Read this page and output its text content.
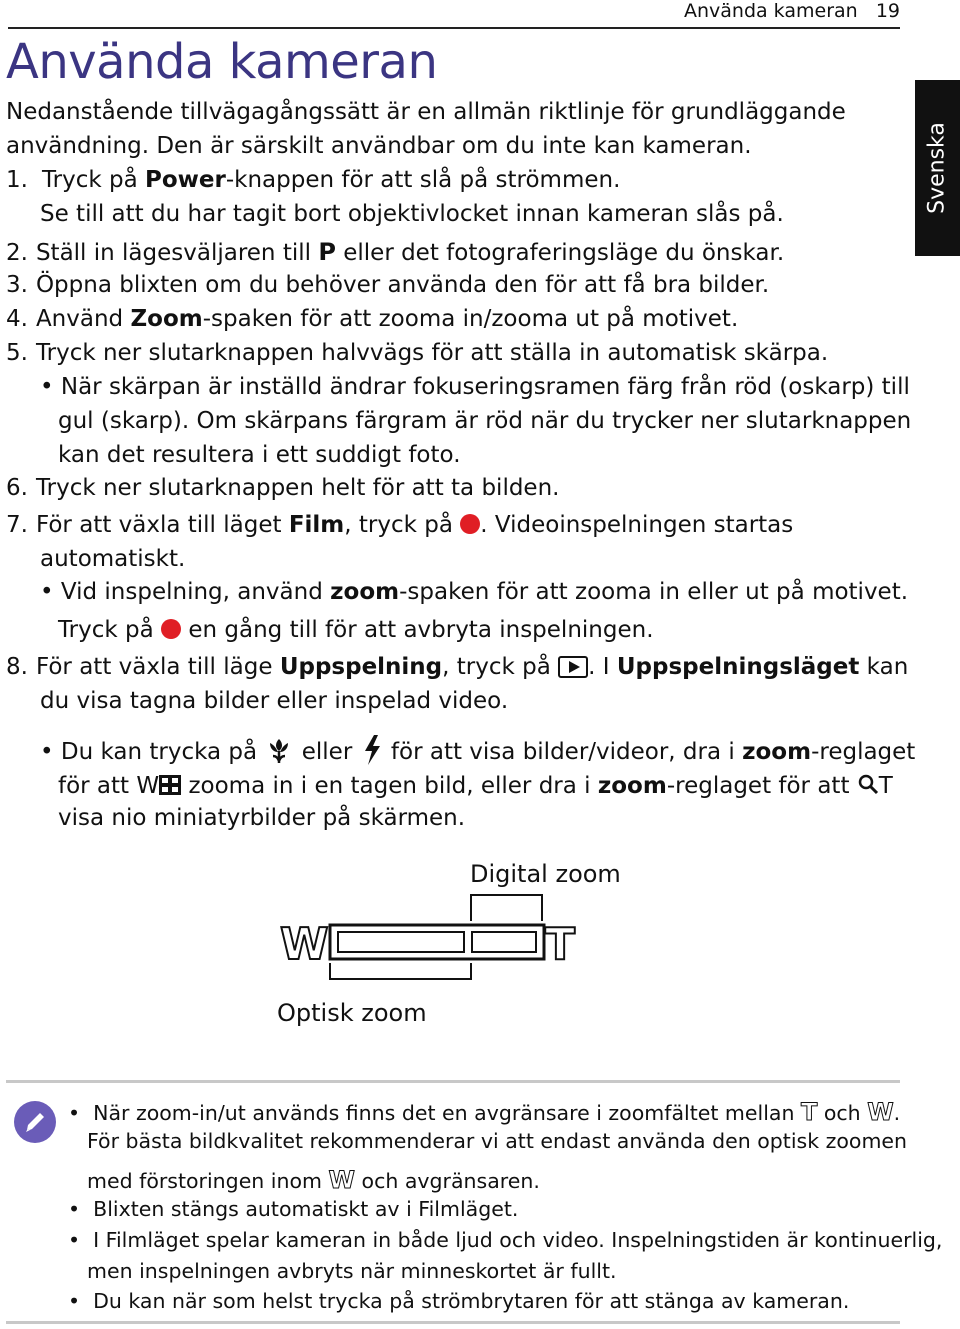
Använda kameran 19
Svenska
Använda kameran
Nedanstående tillvägagångssätt är en allmän riktlinje för grundläggande
användning. Den är särskilt användbar om du inte kan kameran.
1. Tryck på Power-knappen för att slå på strömmen.
Se till att du har tagit bort objektivlocket innan kameran slås på.
2. Ställ in lägesväljaren till P eller det fotograferingsläge du önskar.
3. Öppna blixten om du behöver använda den för att få bra bilder.
4. Använd Zoom-spaken för att zooma in/zooma ut på motivet.
5. Tryck ner slutarknappen halvvägs för att ställa in automatisk skärpa.
• När skärpan är inställd ändrar fokuseringsramen färg från röd (oskarp) till
gul (skarp). Om skärpans färgram är röd när du trycker ner slutarknappen
kan det resultera i ett suddigt foto.
6. Tryck ner slutarknappen helt för att ta bilden.
7. För att växla till läget Film, tryck på . Videoinspelningen startas
automatiskt.
• Vid inspelning, använd zoom-spaken för att zooma in eller ut på motivet.
Tryck på  en gång till för att avbryta inspelningen.
8. För att växla till läge Uppspelning, tryck på . I Uppspelningsläget kan
du visa tagna bilder eller inspelad video.
• Du kan trycka på  eller  för att visa bilder/videor, dra i zoom-reglaget
för att W zooma in i en tagen bild, eller dra i zoom-reglaget för att T
visa nio miniatyrbilder på skärmen.
Digital zoom
W	T
Optisk zoom
•  När zoom-in/ut används finns det en avgränsare i zoomfältet mellan T och W.
För bästa bildkvalitet rekommenderar vi att endast använda den optisk zoomen
med förstoringen inom W och avgränsaren.
•  Blixten stängs automatiskt av i Filmläget.
•  I Filmläget spelar kameran in både ljud och video. Inspelningstiden är kontinuerlig,
men inspelningen avbryts när minneskortet är fullt.
•  Du kan när som helst trycka på strömbrytaren för att stänga av kameran.
